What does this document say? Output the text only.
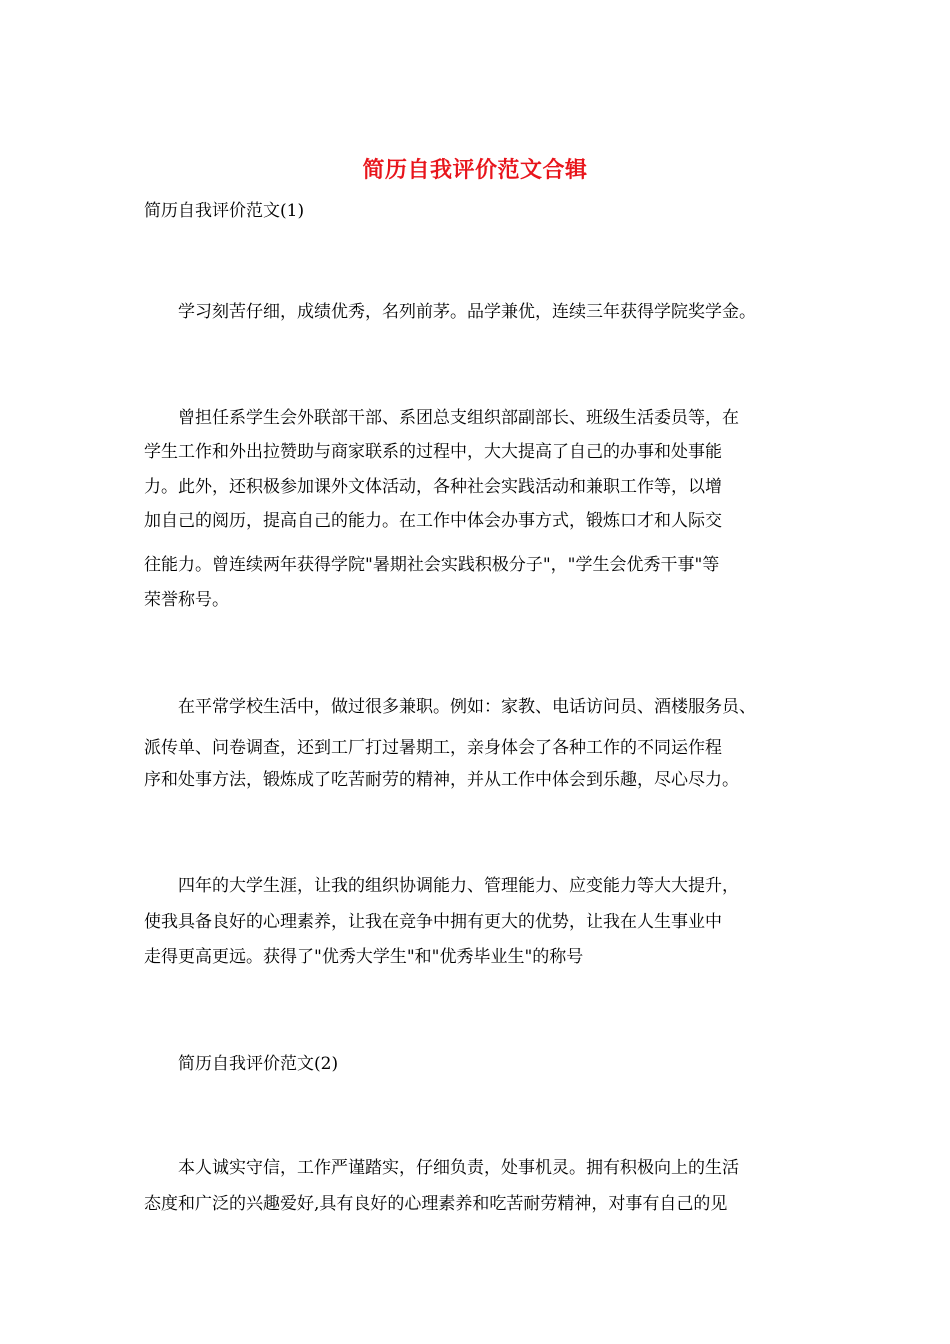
简历自我评价范文合辑
简历自我评价范文(1)
　　学习刻苦仔细，成绩优秀，名列前茅。品学兼优，连续三年获得学院奖学金。
　　曾担任系学生会外联部干部、系团总支组织部副部长、班级生活委员等，在
学生工作和外出拉赞助与商家联系的过程中，大大提高了自己的办事和处事能
力。此外，还积极参加课外文体活动，各种社会实践活动和兼职工作等，以增
加自己的阅历，提高自己的能力。在工作中体会办事方式，锻炼口才和人际交
往能力。曾连续两年获得学院"暑期社会实践积极分子"，"学生会优秀干事"等
荣誉称号。
　　在平常学校生活中，做过很多兼职。例如：家教、电话访问员、酒楼服务员、
派传单、问卷调查，还到工厂打过暑期工，亲身体会了各种工作的不同运作程
序和处事方法，锻炼成了吃苦耐劳的精神，并从工作中体会到乐趣，尽心尽力。
　　四年的大学生涯，让我的组织协调能力、管理能力、应变能力等大大提升，
使我具备良好的心理素养，让我在竞争中拥有更大的优势，让我在人生事业中
走得更高更远。获得了"优秀大学生"和"优秀毕业生"的称号
　　简历自我评价范文(2)
　　本人诚实守信，工作严谨踏实，仔细负责，处事机灵。拥有积极向上的生活
态度和广泛的兴趣爱好,具有良好的心理素养和吃苦耐劳精神，对事有自己的见
